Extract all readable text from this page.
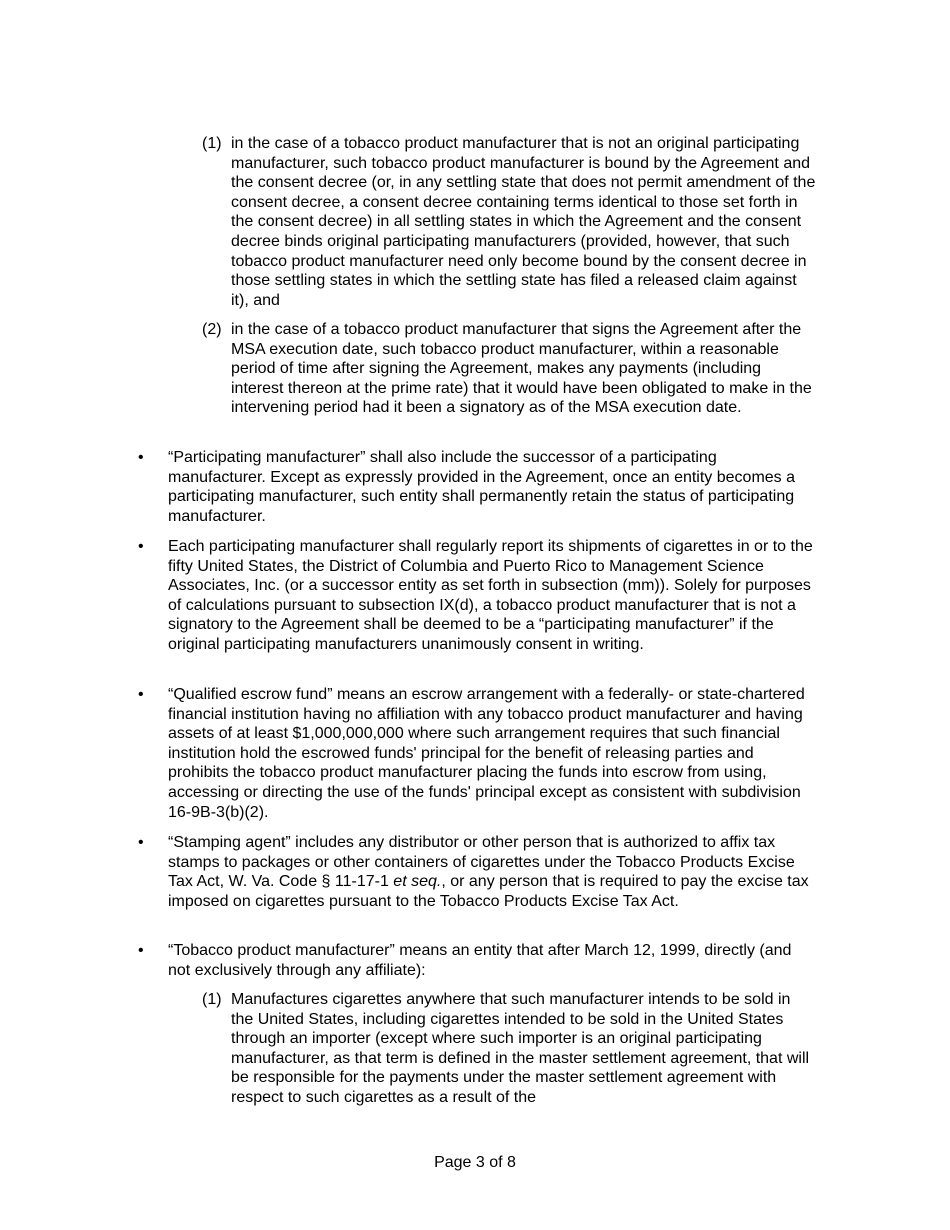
(1) in the case of a tobacco product manufacturer that is not an original participating manufacturer, such tobacco product manufacturer is bound by the Agreement and the consent decree (or, in any settling state that does not permit amendment of the consent decree, a consent decree containing terms identical to those set forth in the consent decree) in all settling states in which the Agreement and the consent decree binds original participating manufacturers (provided, however, that such tobacco product manufacturer need only become bound by the consent decree in those settling states in which the settling state has filed a released claim against it), and
(2) in the case of a tobacco product manufacturer that signs the Agreement after the MSA execution date, such tobacco product manufacturer, within a reasonable period of time after signing the Agreement, makes any payments (including interest thereon at the prime rate) that it would have been obligated to make in the intervening period had it been a signatory as of the MSA execution date.
• “Participating manufacturer” shall also include the successor of a participating manufacturer. Except as expressly provided in the Agreement, once an entity becomes a participating manufacturer, such entity shall permanently retain the status of participating manufacturer.
• Each participating manufacturer shall regularly report its shipments of cigarettes in or to the fifty United States, the District of Columbia and Puerto Rico to Management Science Associates, Inc. (or a successor entity as set forth in subsection (mm)). Solely for purposes of calculations pursuant to subsection IX(d), a tobacco product manufacturer that is not a signatory to the Agreement shall be deemed to be a “participating manufacturer” if the original participating manufacturers unanimously consent in writing.
• “Qualified escrow fund” means an escrow arrangement with a federally- or state-chartered financial institution having no affiliation with any tobacco product manufacturer and having assets of at least $1,000,000,000 where such arrangement requires that such financial institution hold the escrowed funds' principal for the benefit of releasing parties and prohibits the tobacco product manufacturer placing the funds into escrow from using, accessing or directing the use of the funds' principal except as consistent with subdivision 16-9B-3(b)(2).
• “Stamping agent” includes any distributor or other person that is authorized to affix tax stamps to packages or other containers of cigarettes under the Tobacco Products Excise Tax Act, W. Va. Code § 11-17-1 et seq., or any person that is required to pay the excise tax imposed on cigarettes pursuant to the Tobacco Products Excise Tax Act.
• “Tobacco product manufacturer” means an entity that after March 12, 1999, directly (and not exclusively through any affiliate):
(1) Manufactures cigarettes anywhere that such manufacturer intends to be sold in the United States, including cigarettes intended to be sold in the United States through an importer (except where such importer is an original participating manufacturer, as that term is defined in the master settlement agreement, that will be responsible for the payments under the master settlement agreement with respect to such cigarettes as a result of the
Page 3 of 8
